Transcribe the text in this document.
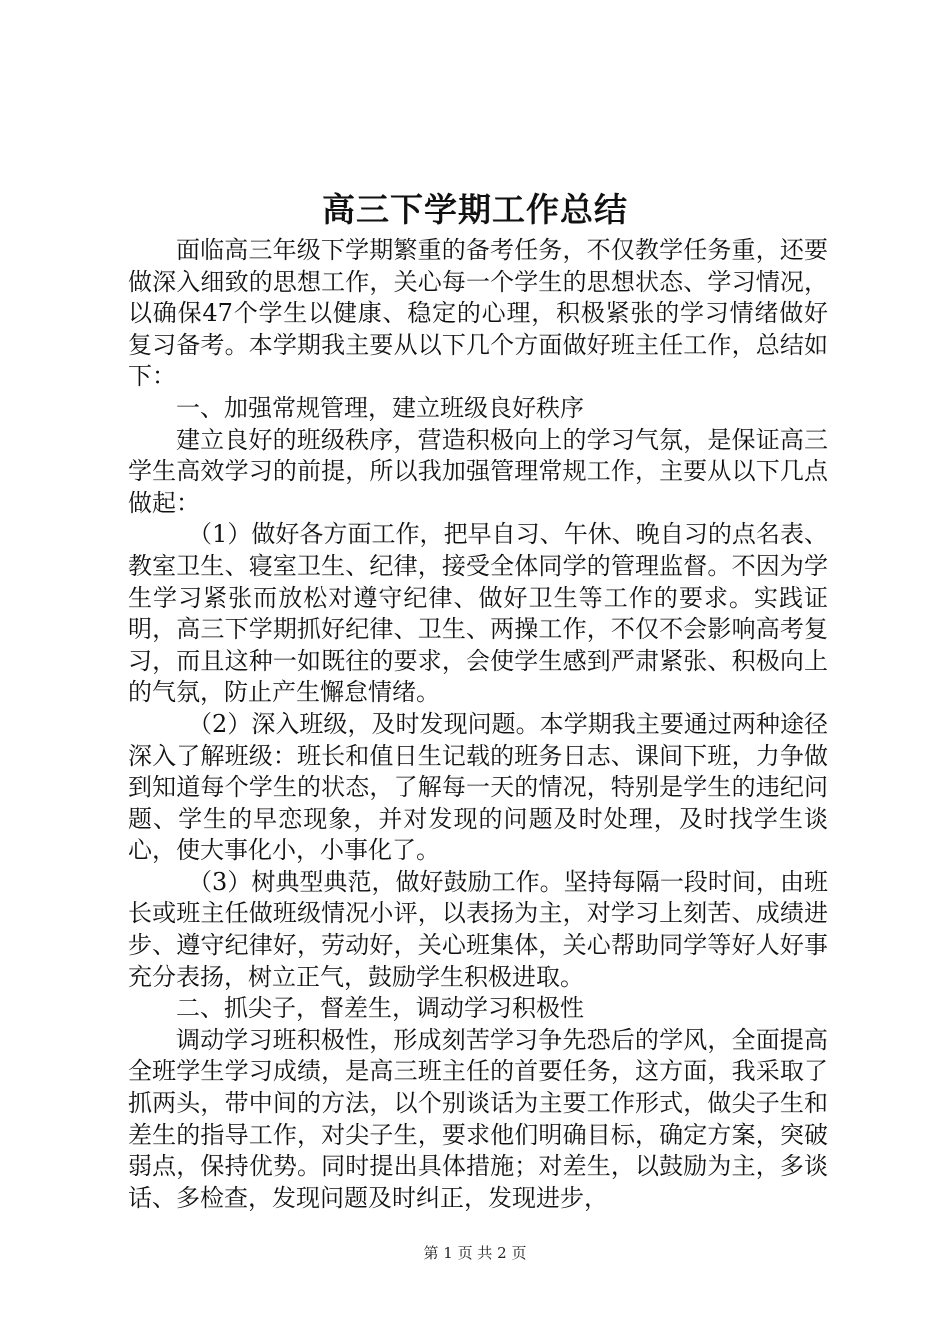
高三下学期工作总结

面临高三年级下学期繁重的备考任务，不仅教学任务重，还要做深入细致的思想工作，关心每一个学生的思想状态、学习情况，以确保47个学生以健康、稳定的心理，积极紧张的学习情绪做好复习备考。本学期我主要从以下几个方面做好班主任工作，总结如下：

一、加强常规管理，建立班级良好秩序

建立良好的班级秩序，营造积极向上的学习气氛，是保证高三学生高效学习的前提，所以我加强管理常规工作，主要从以下几点做起：

（1）做好各方面工作，把早自习、午休、晚自习的点名表、教室卫生、寝室卫生、纪律，接受全体同学的管理监督。不因为学生学习紧张而放松对遵守纪律、做好卫生等工作的要求。实践证明，高三下学期抓好纪律、卫生、两操工作，不仅不会影响高考复习，而且这种一如既往的要求，会使学生感到严肃紧张、积极向上的气氛，防止产生懈怠情绪。

（2）深入班级，及时发现问题。本学期我主要通过两种途径深入了解班级：班长和值日生记载的班务日志、课间下班，力争做到知道每个学生的状态，了解每一天的情况，特别是学生的违纪问题、学生的早恋现象，并对发现的问题及时处理，及时找学生谈心，使大事化小，小事化了。

（3）树典型典范，做好鼓励工作。坚持每隔一段时间，由班长或班主任做班级情况小评，以表扬为主，对学习上刻苦、成绩进步、遵守纪律好，劳动好，关心班集体，关心帮助同学等好人好事充分表扬，树立正气，鼓励学生积极进取。

二、抓尖子，督差生，调动学习积极性

调动学习班积极性，形成刻苦学习争先恐后的学风，全面提高全班学生学习成绩，是高三班主任的首要任务，这方面，我采取了抓两头，带中间的方法，以个别谈话为主要工作形式，做尖子生和差生的指导工作，对尖子生，要求他们明确目标，确定方案，突破弱点，保持优势。同时提出具体措施；对差生，以鼓励为主，多谈话、多检查，发现问题及时纠正，发现进步，

第 1 页 共 2 页
